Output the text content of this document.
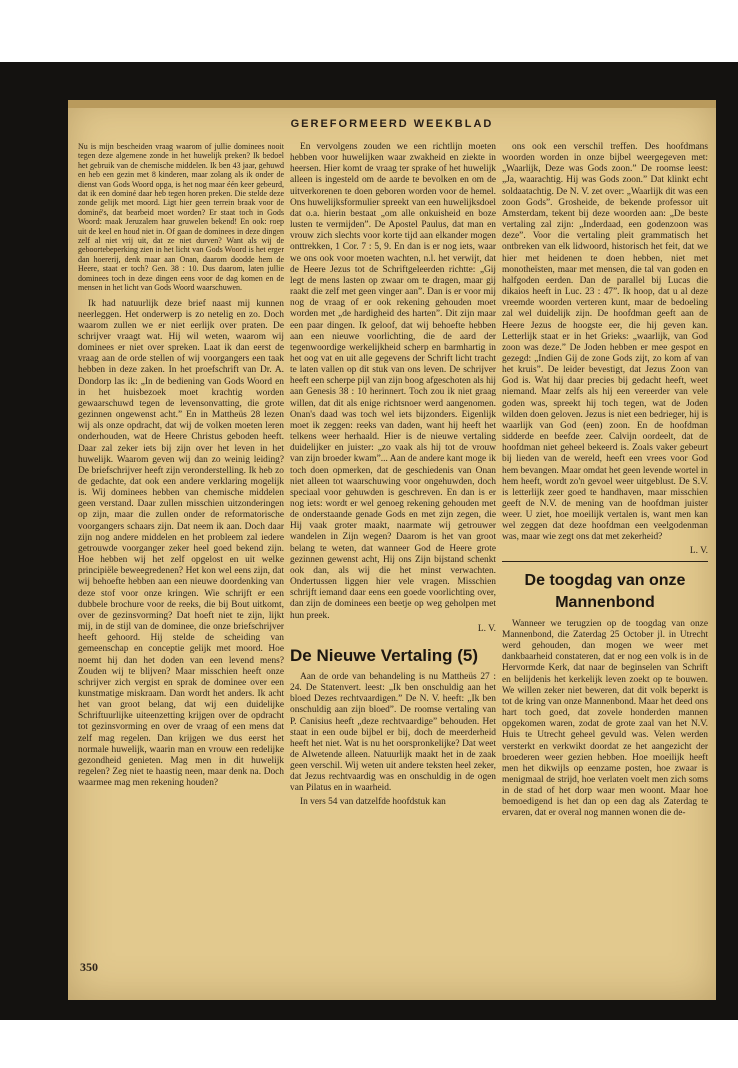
GEREFORMEERD WEEKBLAD

Nu is mijn bescheiden vraag waarom of jullie dominees nooit tegen deze algemene zonde in het huwelijk preken? Ik bedoel het gebruik van de chemische middelen. Ik ben 43 jaar, gehuwd en heb een gezin met 8 kinderen, maar zolang als ik onder de dienst van Gods Woord opga, is het nog maar één keer gebeurd, dat ik een dominé daar heb tegen horen preken. Die stelde deze zonde gelijk met moord. Ligt hier geen terrein braak voor de dominé's, dat bearbeid moet worden? Er staat toch in Gods Woord: maak Jeruzalem haar gruwelen bekend! En ook: roep uit de keel en houd niet in. Of gaan de dominees in deze dingen zelf al niet vrij uit, dat ze niet durven? Want als wij de geboortebeperking zien in het licht van Gods Woord is het erger dan hoererij, denk maar aan Onan, daarom doodde hem de Heere, staat er toch? Gen. 38 : 10. Dus daarom, laten jullie dominees toch in deze dingen eens voor de dag komen en de mensen in het licht van Gods Woord waarschuwen.

Ik had natuurlijk deze brief naast mij kunnen neerleggen. Het onderwerp is zo netelig en zo. Doch waarom zullen we er niet eerlijk over praten. De schrijver vraagt wat. Hij wil weten, waarom wij dominees er niet over spreken. Laat ik dan eerst de vraag aan de orde stellen of wij voorgangers een taak hebben in deze zaken. In het proefschrift van Dr. A. Dondorp las ik: „In de bediening van Gods Woord en in het huisbezoek moet krachtig worden gewaarschuwd tegen de levensonvatting, die grote gezinnen ongewenst acht.” En in Mattheüs 28 lezen wij als onze opdracht, dat wij de volken moeten leren onderhouden, wat de Heere Christus geboden heeft. Daar zal zeker iets bij zijn over het leven in het huwelijk. Waarom geven wij dan zo weinig leiding? De briefschrijver heeft zijn veronderstelling. Ik heb zo de gedachte, dat ook een andere verklaring mogelijk is. Wij dominees hebben van chemische middelen geen verstand. Daar zullen misschien uitzonderingen op zijn, maar die zullen onder de reformatorische voorgangers schaars zijn. Dat neem ik aan. Doch daar zijn nog andere middelen en het probleem zal iedere getrouwde voorganger zeker heel goed bekend zijn. Hoe hebben wij het zelf opgelost en uit welke principiële beweegredenen? Het kon wel eens zijn, dat wij behoefte hebben aan een nieuwe doordenking van deze stof voor onze kringen. Wie schrijft er een dubbele brochure voor de reeks, die bij Bout uitkomt, over de gezinsvorming? Dat hoeft niet te zijn, lijkt mij, in de stijl van de dominee, die onze briefschrijver heeft gehoord. Hij stelde de scheiding van gemeenschap en conceptie gelijk met moord. Hoe noemt hij dan het doden van een levend mens? Zouden wij te blijven? Maar misschien heeft onze schrijver zich vergist en sprak de dominee over een kunstmatige miskraam. Dan wordt het anders. Ik acht het van groot belang, dat wij een duidelijke Schriftuurlijke uiteenzetting krijgen over de opdracht tot gezinsvorming en over de vraag of een mens dat zelf mag regelen. Dan krijgen we dus eerst het normale huwelijk, waarin man en vrouw een redelijke gezondheid genieten. Mag men in dit huwelijk regelen? Zeg niet te haastig neen, maar denk na. Doch waarmee mag men rekening houden?

En vervolgens zouden we een richtlijn moeten hebben voor huwelijken waar zwakheid en ziekte in heersen. Hier komt de vraag ter sprake of het huwelijk alleen is ingesteld om de aarde te bevolken en om de uitverkorenen te doen geboren worden voor de hemel. Ons huwelijksformulier spreekt van een huwelijksdoel dat o.a. hierin bestaat „om alle onkuisheid en boze lusten te vermijden”. De Apostel Paulus, dat man en vrouw zich slechts voor korte tijd aan elkander mogen onttrekken, 1 Cor. 7 : 5, 9. En dan is er nog iets, waar we ons ook voor moeten wachten, n.l. het verwijt, dat de Heere Jezus tot de Schriftgeleerden richtte: „Gij legt de mens lasten op zwaar om te dragen, maar gij raakt die zelf met geen vinger aan”. Dan is er voor mij nog de vraag of er ook rekening gehouden moet worden met „de hardigheid des harten”. Dit zijn maar een paar dingen. Ik geloof, dat wij behoefte hebben aan een nieuwe voorlichting, die de aard der tegenwoordige werkelijkheid scherp en barmhartig in het oog vat en uit alle gegevens der Schrift licht tracht te laten vallen op dit stuk van ons leven. De schrijver heeft een scherpe pijl van zijn boog afgeschoten als hij aan Genesis 38 : 10 herinnert. Toch zou ik niet graag willen, dat dit als enige richtsnoer werd aangenomen. Onan's daad was toch wel iets bijzonders. Eigenlijk moet ik zeggen: reeks van daden, want hij heeft het telkens weer herhaald. Hier is de nieuwe vertaling duidelijker en juister: „zo vaak als hij tot de vrouw van zijn broeder kwam”... Aan de andere kant moge ik toch doen opmerken, dat de geschiedenis van Onan niet alleen tot waarschuwing voor ongehuwden, doch speciaal voor gehuwden is geschreven. En dan is er nog iets: wordt er wel genoeg rekening gehouden met de onderstaande genade Gods en met zijn zegen, die Hij vaak groter maakt, naarmate wij getrouwer wandelen in Zijn wegen? Daarom is het van groot belang te weten, dat wanneer God de Heere grote gezinnen gewenst acht, Hij ons Zijn bijstand schenkt ook dan, als wij die het minst verwachten. Ondertussen liggen hier vele vragen. Misschien schrijft iemand daar eens een goede voorlichting over, dan zijn de dominees een beetje op weg geholpen met hun preek.

L. V.
De Nieuwe Vertaling (5)

Aan de orde van behandeling is nu Mattheüs 27 : 24. De Statenvert. leest: „Ik ben onschuldig aan het bloed Dezes rechtvaardigen.” De N. V. heeft: „Ik ben onschuldig aan zijn bloed”. De roomse vertaling van P. Canisius heeft „deze rechtvaardige” behouden. Het staat in een oude bijbel er bij, doch de meerderheid heeft het niet. Wat is nu het oorspronkelijke? Dat weet de Alwetende alleen. Natuurlijk maakt het in de zaak geen verschil. Wij weten uit andere teksten heel zeker, dat Jezus rechtvaardig was en onschuldig in de ogen van Pilatus en in waarheid.

In vers 54 van datzelfde hoofdstuk kan

ons ook een verschil treffen. Des hoofdmans woorden worden in onze bijbel weergegeven met: „Waarlijk, Deze was Gods zoon.” De roomse leest: „Ja, waarachtig. Hij was Gods zoon.” Dat klinkt echt soldaatachtig. De N. V. zet over: „Waarlijk dit was een zoon Gods”. Grosheide, de bekende professor uit Amsterdam, tekent bij deze woorden aan: „De beste vertaling zal zijn: „Inderdaad, een godenzoon was deze”. Voor die vertaling pleit grammatisch het ontbreken van elk lidwoord, historisch het feit, dat we hier met heidenen te doen hebben, niet met monotheïsten, maar met mensen, die tal van goden en halfgoden eerden. Dan de parallel bij Lucas die dikaios heeft in Luc. 23 : 47”. Ik hoop, dat u al deze vreemde woorden verteren kunt, maar de bedoeling zal wel duidelijk zijn. De hoofdman geeft aan de Heere Jezus de hoogste eer, die hij geven kan. Letterlijk staat er in het Grieks: „waarlijk, van God zoon was deze.” De Joden hebben er mee gespot en gezegd: „Indien Gij de zone Gods zijt, zo kom af van het kruis”. De leider bevestigt, dat Jezus Zoon van God is. Wat hij daar precies bij gedacht heeft, weet niemand. Maar zelfs als hij een vereerder van vele goden was, spreekt hij toch tegen, wat de Joden wilden doen geloven. Jezus is niet een bedrieger, hij is waarlijk van God (een) zoon. En de hoofdman sidderde en beefde zeer. Calvijn oordeelt, dat de hoofdman niet geheel bekeerd is. Zoals vaker gebeurt bij lieden van de wereld, heeft een vrees voor God hem bevangen. Maar omdat het geen levende wortel in hem heeft, wordt zo'n gevoel weer uitgeblust. De S.V. is letterlijk zeer goed te handhaven, maar misschien geeft de N.V. de mening van de hoofdman juister weer. U ziet, hoe moeilijk vertalen is, want men kan wel zeggen dat deze hoofdman een veelgodenman was, maar wie zegt ons dat met zekerheid?

L. V.
De toogdag van onze
Mannenbond

Wanneer we terugzien op de toogdag van onze Mannenbond, die Zaterdag 25 October jl. in Utrecht werd gehouden, dan mogen we weer met dankbaarheid constateren, dat er nog een volk is in de Hervormde Kerk, dat naar de beginselen van Schrift en belijdenis het kerkelijk leven zoekt op te bouwen. We willen zeker niet beweren, dat dit volk beperkt is tot de kring van onze Mannenbond. Maar het deed ons hart toch goed, dat zovele honderden mannen opgekomen waren, zodat de grote zaal van het N.V. Huis te Utrecht geheel gevuld was. Velen werden versterkt en verkwikt doordat ze het aangezicht der broederen weer gezien hebben. Hoe moeilijk heeft men het dikwijls op eenzame posten, hoe zwaar is menigmaal de strijd, hoe verlaten voelt men zich soms in de stad of het dorp waar men woont. Maar hoe bemoedigend is het dan op een dag als Zaterdag te ervaren, dat er overal nog mannen wonen die de-

350
